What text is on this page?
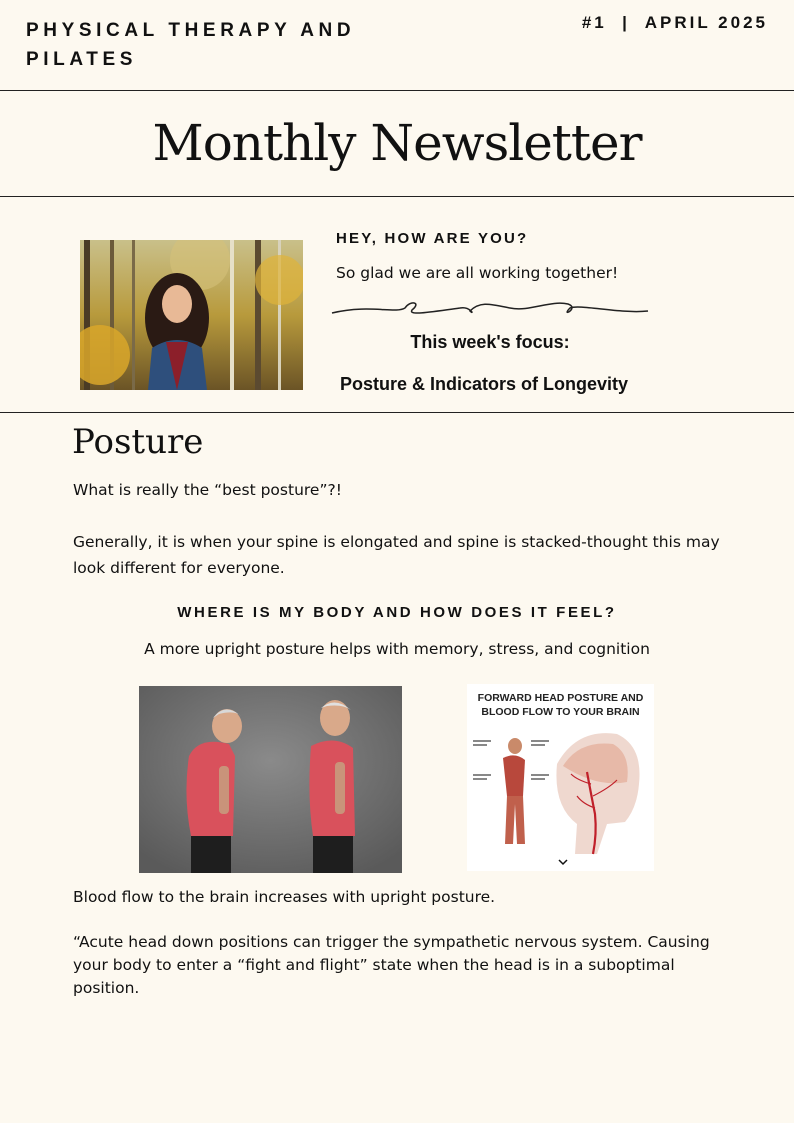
PHYSICAL THERAPY AND PILATES
#1  |  APRIL 2025
Monthly Newsletter
HEY, HOW ARE YOU?
So glad we are all working together!
This week's focus:
Posture & Indicators of Longevity
Posture
What is really the “best posture”?!
Generally, it is when your spine is elongated and spine is stacked-thought this may look different for everyone.
WHERE IS MY BODY AND HOW DOES IT FEEL?
A more upright posture helps with memory, stress, and cognition
FORWARD HEAD POSTURE AND BLOOD FLOW TO YOUR BRAIN
Blood flow to the brain increases with upright posture.
“Acute head down positions can trigger the sympathetic nervous system. Causing your body to enter a “fight and flight” state when the head is in a suboptimal position.
